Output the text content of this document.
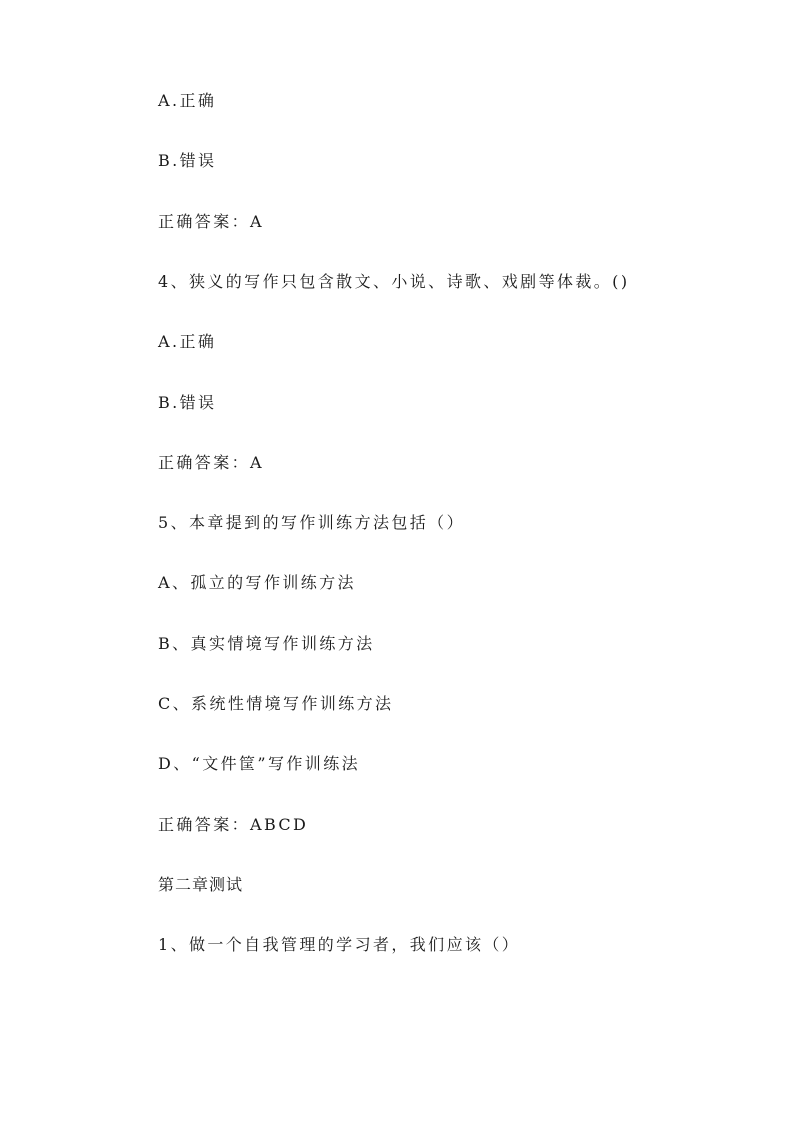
A.正确
B.错误
正确答案：A
4、狭义的写作只包含散文、小说、诗歌、戏剧等体裁。()
A.正确
B.错误
正确答案：A
5、本章提到的写作训练方法包括（）
A、孤立的写作训练方法
B、真实情境写作训练方法
C、系统性情境写作训练方法
D、“文件筐”写作训练法
正确答案：ABCD
第二章测试
1、做一个自我管理的学习者，我们应该（）
